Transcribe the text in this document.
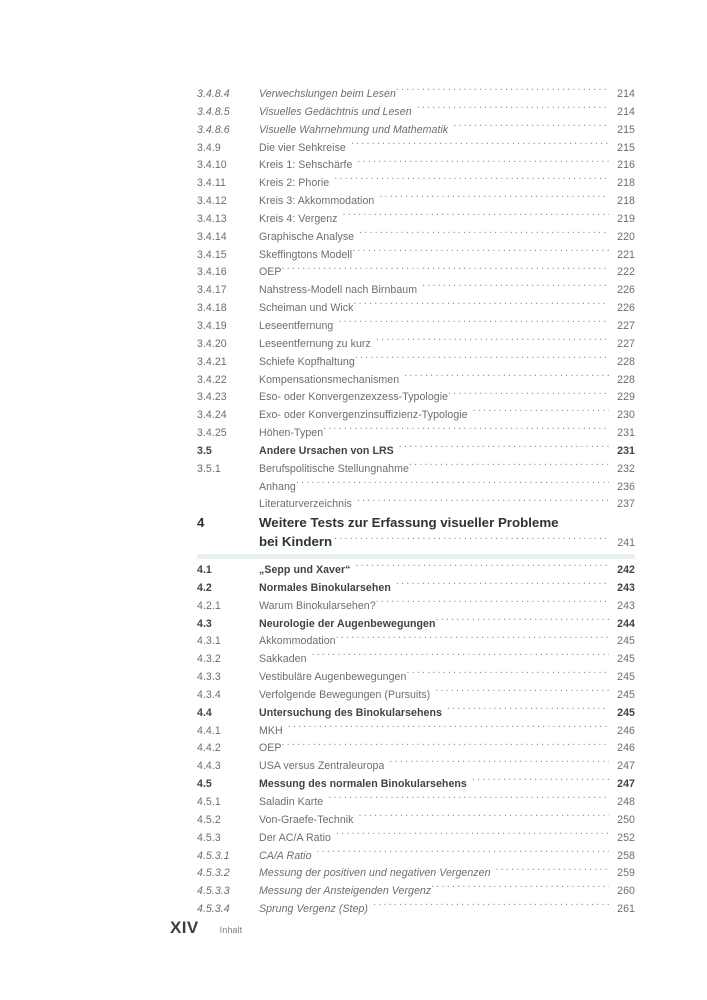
3.4.8.4	Verwechslungen beim Lesen .....	214
3.4.8.5	Visuelles Gedächtnis und Lesen .....	214
3.4.8.6	Visuelle Wahrnehmung und Mathematik .....	215
3.4.9	Die vier Sehkreise .....	215
3.4.10	Kreis 1: Sehschärfe .....	216
3.4.11	Kreis 2: Phorie .....	218
3.4.12	Kreis 3: Akkommodation .....	218
3.4.13	Kreis 4: Vergenz .....	219
3.4.14	Graphische Analyse .....	220
3.4.15	Skeffingtons Modell .....	221
3.4.16	OEP .....	222
3.4.17	Nahstress-Modell nach Birnbaum .....	226
3.4.18	Scheiman und Wick .....	226
3.4.19	Leseentfernung .....	227
3.4.20	Leseentfernung zu kurz .....	227
3.4.21	Schiefe Kopfhaltung .....	228
3.4.22	Kompensationsmechanismen .....	228
3.4.23	Eso- oder Konvergenzexzess-Typologie .....	229
3.4.24	Exo- oder Konvergenzinsuffizienz-Typologie .....	230
3.4.25	Höhen-Typen .....	231
3.5	Andere Ursachen von LRS .....	231
3.5.1	Berufspolitische Stellungnahme .....	232
Anhang .....	236
Literaturverzeichnis .....	237
4	Weitere Tests zur Erfassung visueller Probleme
bei Kindern .....	241
4.1	„Sepp und Xaver“ .....	242
4.2	Normales Binokularsehen .....	243
4.2.1	Warum Binokularsehen? .....	243
4.3	Neurologie der Augenbewegungen .....	244
4.3.1	Akkommodation .....	245
4.3.2	Sakkaden .....	245
4.3.3	Vestibuläre Augenbewegungen .....	245
4.3.4	Verfolgende Bewegungen (Pursuits) .....	245
4.4	Untersuchung des Binokularsehens .....	245
4.4.1	MKH .....	246
4.4.2	OEP .....	246
4.4.3	USA versus Zentraleuropa .....	247
4.5	Messung des normalen Binokularsehens .....	247
4.5.1	Saladin Karte .....	248
4.5.2	Von-Graefe-Technik .....	250
4.5.3	Der AC/A Ratio .....	252
4.5.3.1	CA/A Ratio .....	258
4.5.3.2	Messung der positiven und negativen Vergenzen .....	259
4.5.3.3	Messung der Ansteigenden Vergenz .....	260
4.5.3.4	Sprung Vergenz (Step) .....	261
XIV Inhalt
